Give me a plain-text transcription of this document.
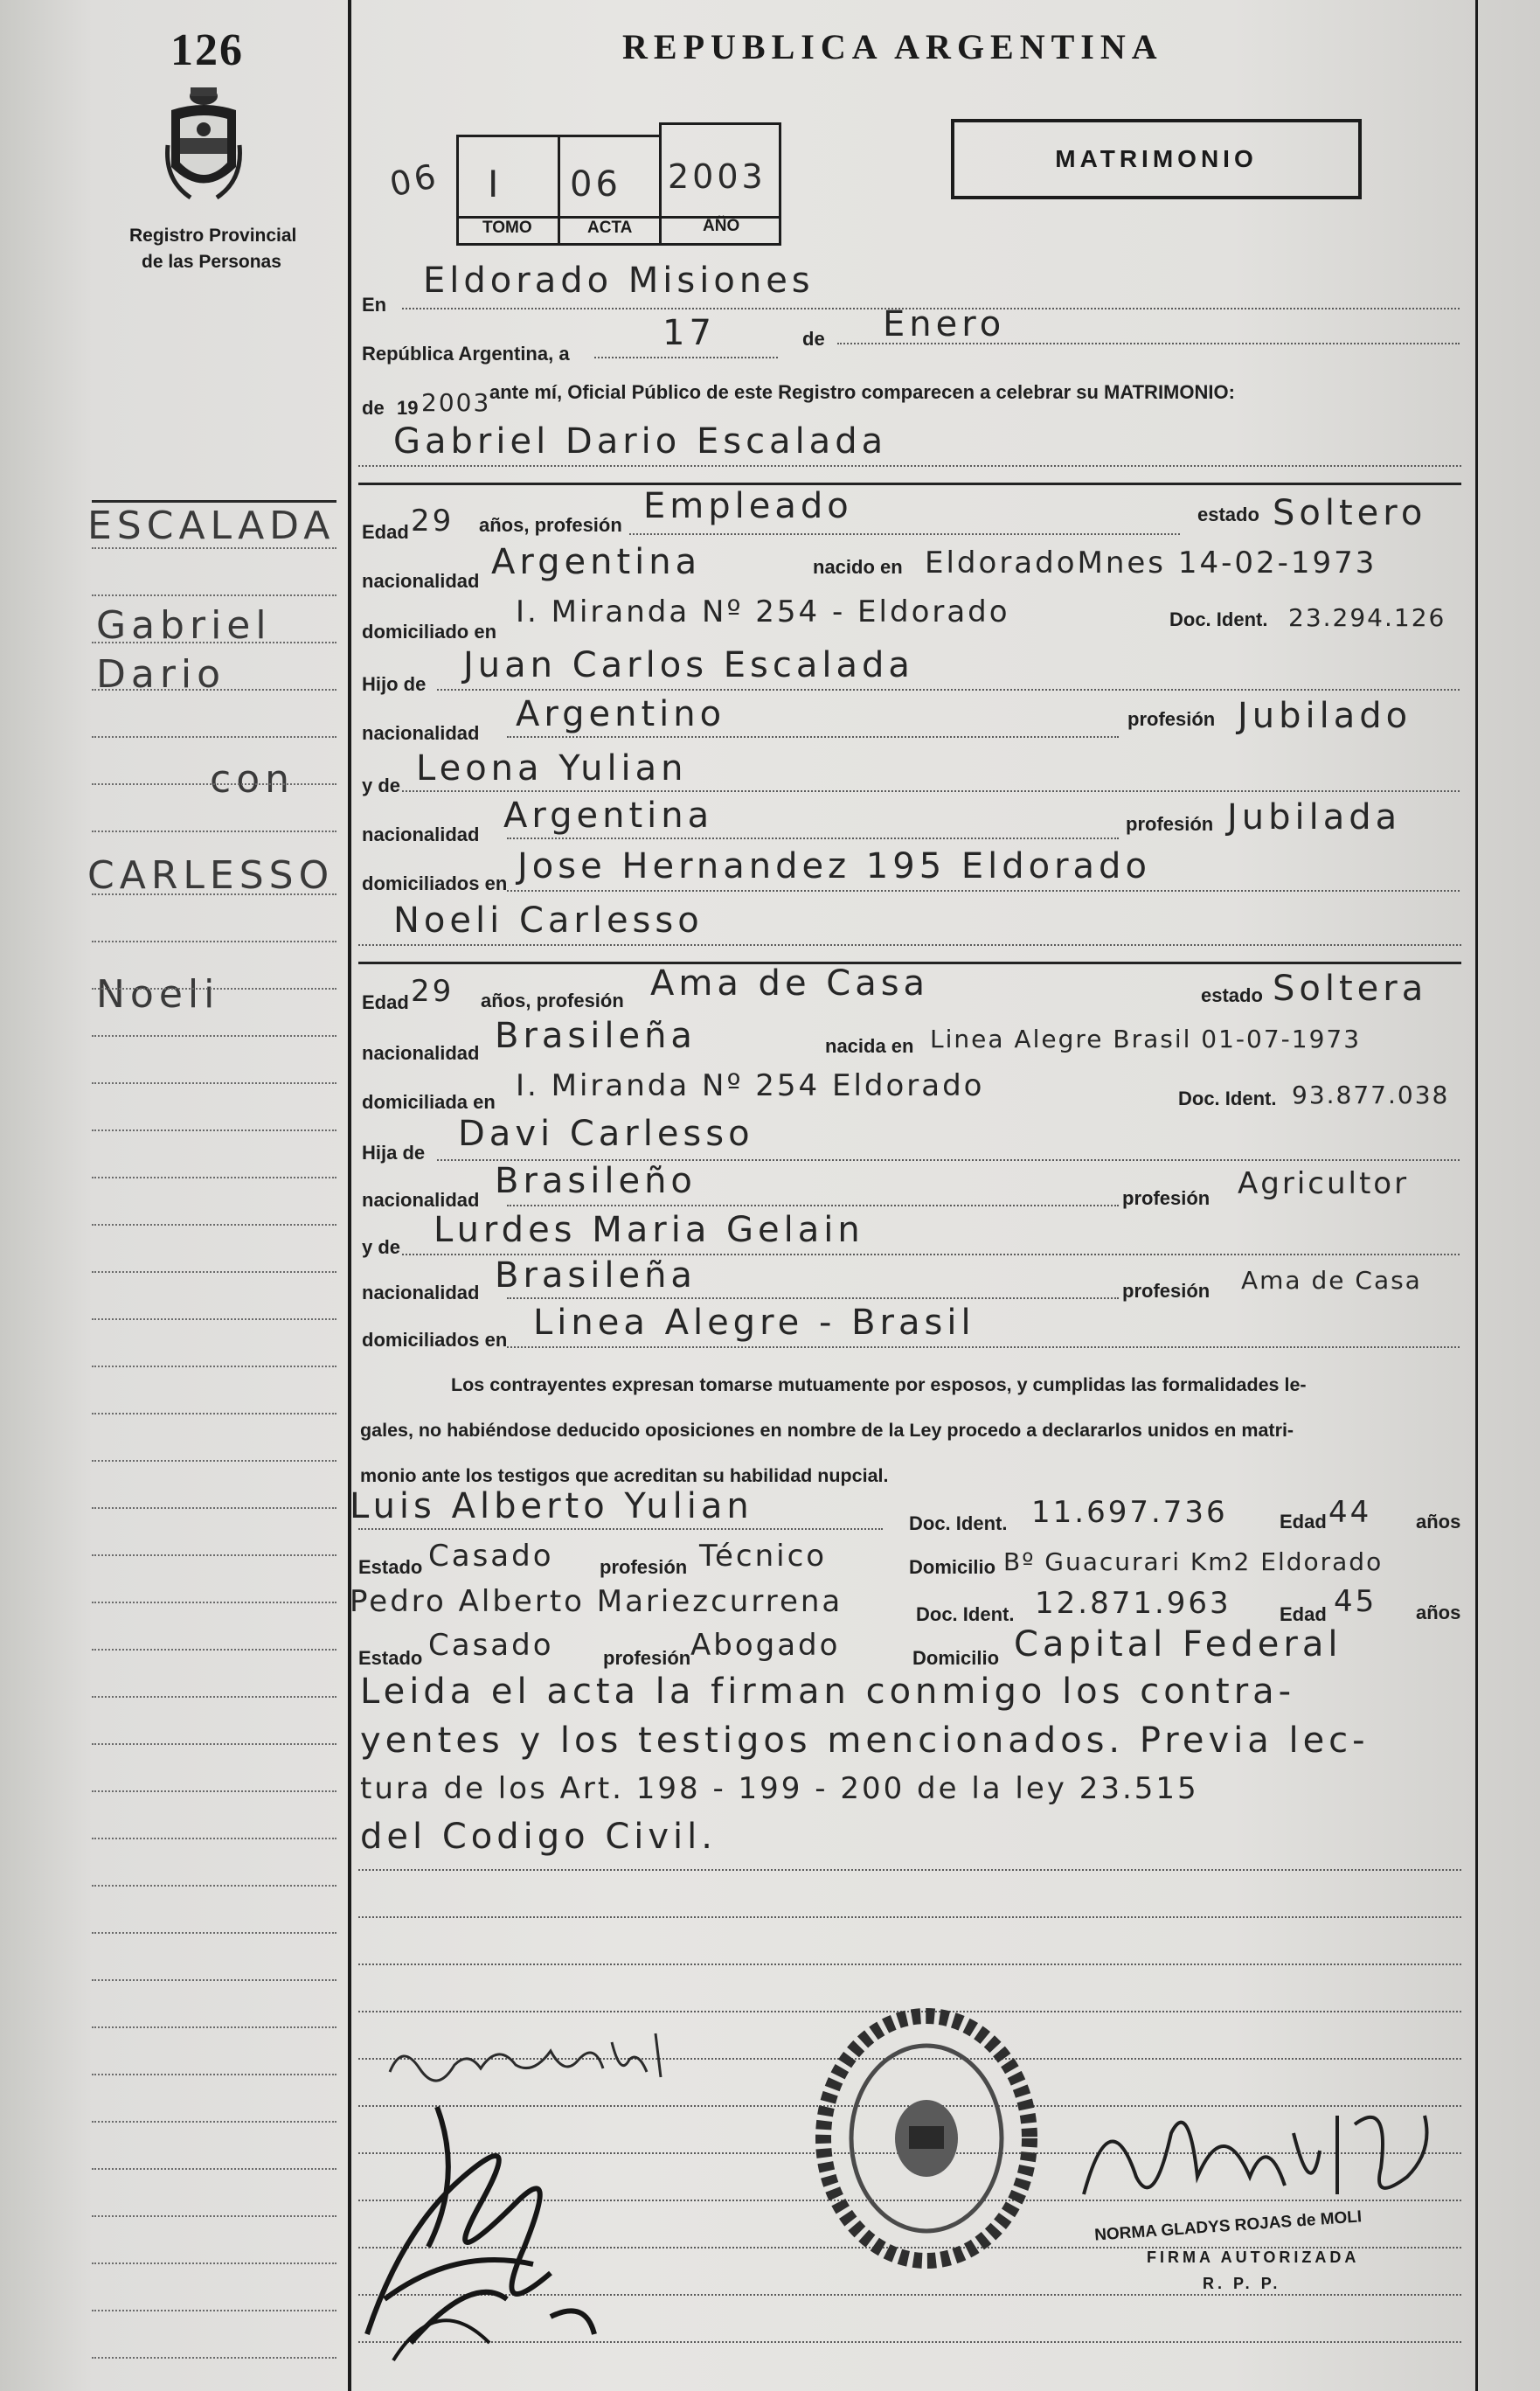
126
Registro Provincial
de las Personas
REPUBLICA ARGENTINA
MATRIMONIO
06 I 06 2003
TOMO	ACTA	AÑO
En
Eldorado Misiones
República Argentina, a
17	de Enero
de 19 2003
ante mí, Oficial Público de este Registro comparecen a celebrar su MATRIMONIO:
Gabriel Dario Escalada
Edad 29 años, profesión Empleado	estado Soltero
nacionalidad Argentina	nacido en EldoradoMnes 14-02-1973
domiciliado en
I. Miranda Nº 254 - Eldorado	Doc. Ident. 23.294.126
Hijo de Juan Carlos Escalada
nacionalidad Argentino	profesión Jubilado
y de Leona Yulian
nacionalidad Argentina	profesión Jubilada
domiciliados en Jose Hernandez 195 Eldorado
Noeli Carlesso
Edad 29 años, profesión Ama de Casa	estado Soltera
nacionalidad Brasileña	nacida en Linea Alegre Brasil 01-07-1973
domiciliada en I. Miranda Nº 254 Eldorado	Doc. Ident. 93.877.038
Hija de Davi Carlesso
nacionalidad Brasileño	profesión Agricultor
y de Lurdes Maria Gelain
nacionalidad Brasileña	profesión Ama de Casa
domiciliados en Linea Alegre - Brasil
Los contrayentes expresan tomarse mutuamente por esposos, y cumplidas las formalidades le-
gales, no habiéndose deducido oposiciones en nombre de la Ley procedo a declararlos unidos en matri-
monio ante los testigos que acreditan su habilidad nupcial.
Luis Alberto Yulian	Doc. Ident. 11.697.736	Edad 44 años
Estado Casado profesión Técnico	Domicilio Bº Guacurari Km2 Eldorado
Pedro Alberto Mariezcurrena	Doc. Ident. 12.871.963	Edad 45 años
Estado Casado	profesión Abogado	Domicilio Capital Federal
Leida el acta la firman conmigo los contra-
yentes y los testigos mencionados. Previa lec-
tura de los Art. 198 - 199 - 200 de la ley 23.515
del Codigo Civil.
ESCALADA
Gabriel
Dario
con
CARLESSO
Noeli
NORMA GLADYS ROJAS de MOLI
FIRMA AUTORIZADA
R. P. P.
